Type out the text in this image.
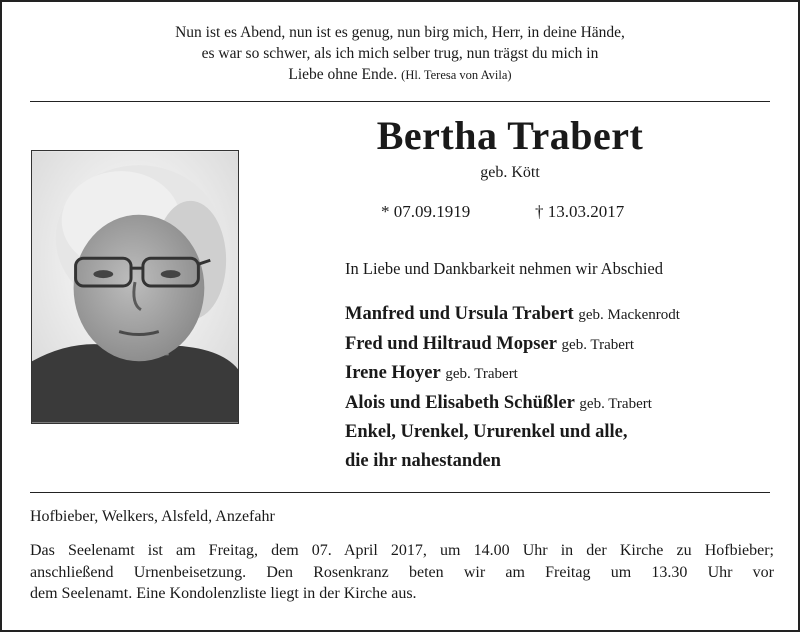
Nun ist es Abend, nun ist es genug, nun birg mich, Herr, in deine Hände,
es war so schwer, als ich mich selber trug, nun trägst du mich in
Liebe ohne Ende. (Hl. Teresa von Avila)
Bertha Trabert
geb. Kött
* 07.09.1919	† 13.03.2017
In Liebe und Dankbarkeit nehmen wir Abschied
Manfred und Ursula Trabert geb. Mackenrodt
Fred und Hiltraud Mopser geb. Trabert
Irene Hoyer geb. Trabert
Alois und Elisabeth Schüßler geb. Trabert
Enkel, Urenkel, Ururenkel und alle,
die ihr nahestanden
Hofbieber, Welkers, Alsfeld, Anzefahr
Das Seelenamt ist am Freitag, dem 07. April 2017, um 14.00 Uhr in der Kirche zu Hofbieber;
anschließend Urnenbeisetzung. Den Rosenkranz beten wir am Freitag um 13.30 Uhr vor
dem Seelenamt. Eine Kondolenzliste liegt in der Kirche aus.
